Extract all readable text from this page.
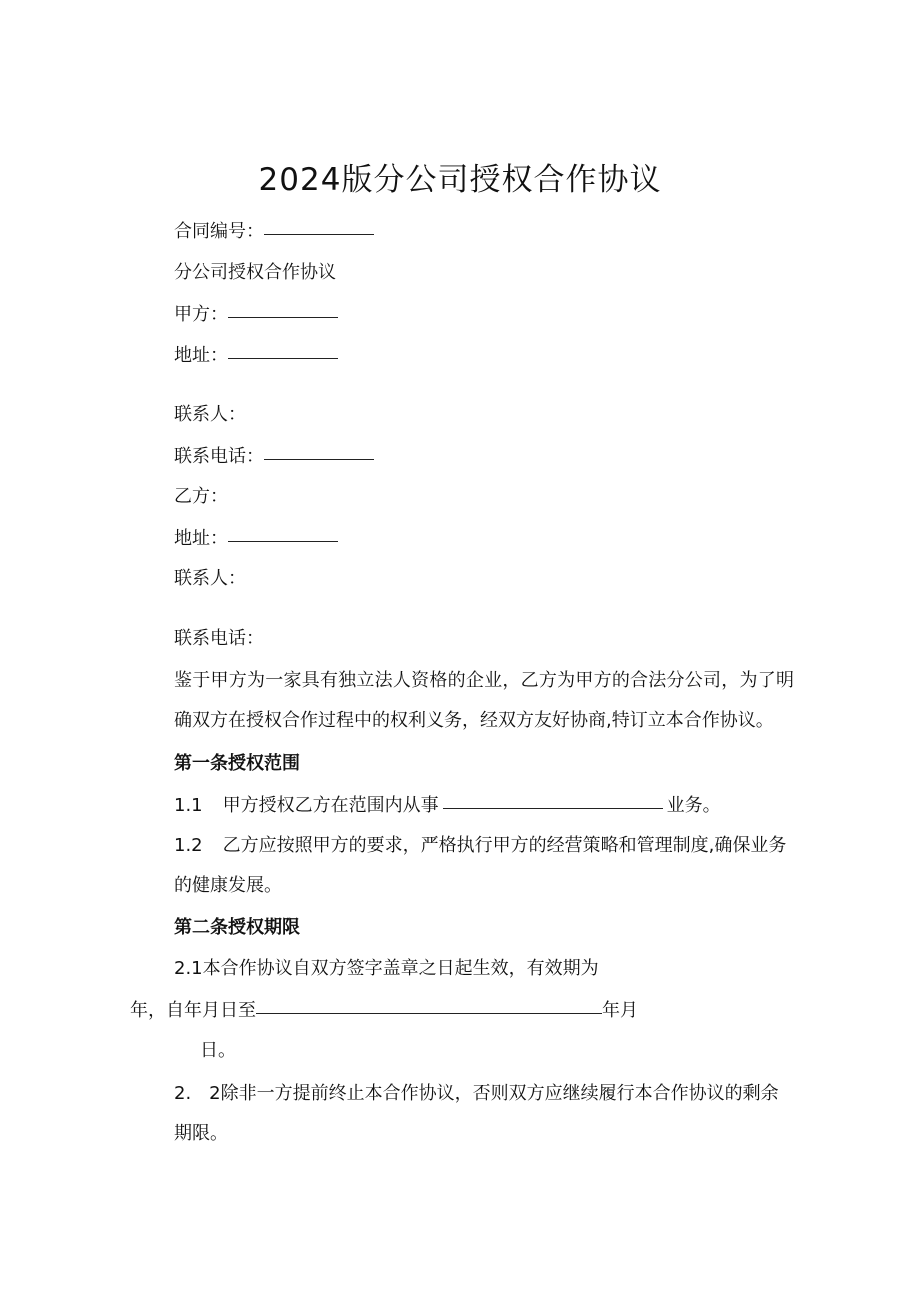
2024版分公司授权合作协议
合同编号：
分公司授权合作协议
甲方：
地址：
联系人：
联系电话：
乙方：
地址：
联系人：
联系电话：
鉴于甲方为一家具有独立法人资格的企业，乙方为甲方的合法分公司，为了明确双方在授权合作过程中的权利义务，经双方友好协商,特订立本合作协议。
第一条授权范围
1.1 甲方授权乙方在范围内从事	业务。
1.2 乙方应按照甲方的要求，严格执行甲方的经营策略和管理制度,确保业务的健康发展。
第二条授权期限
2.1本合作协议自双方签字盖章之日起生效，有效期为
年，自年月日至	年月
日。
2.　2除非一方提前终止本合作协议，否则双方应继续履行本合作协议的剩余期限。
